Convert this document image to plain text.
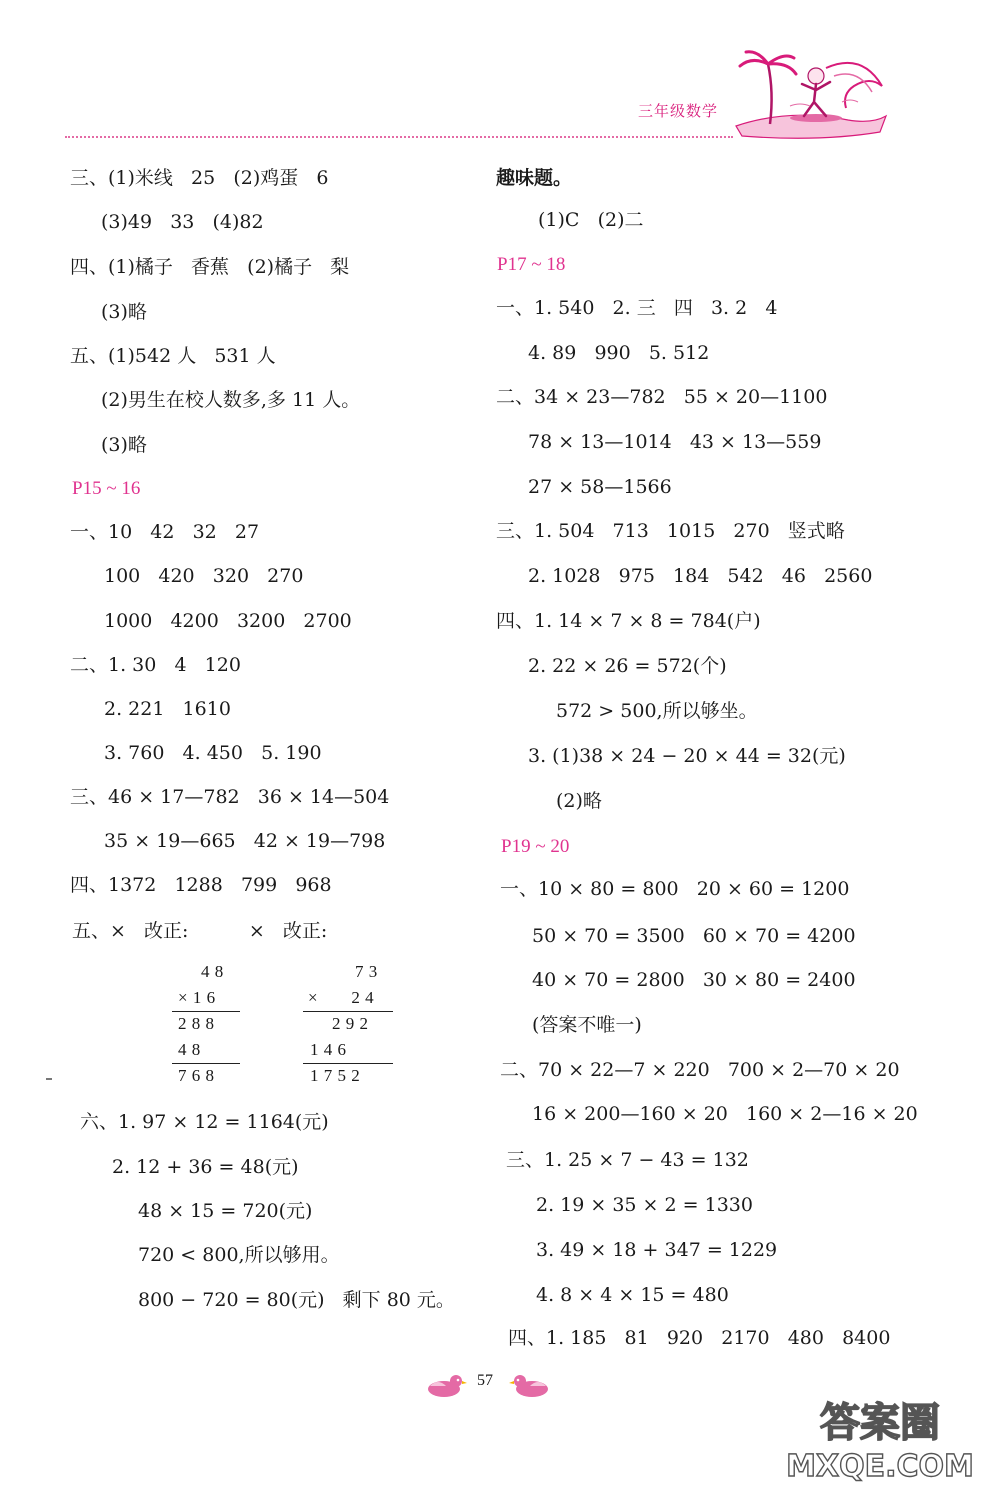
三年级数学
三、(1)米线   25   (2)鸡蛋   6
(3)49   33   (4)82
四、(1)橘子   香蕉   (2)橘子   梨
(3)略
五、(1)542 人   531 人
(2)男生在校人数多,多 11 人。
(3)略
P15 ~ 16
一、10   42   32   27
100   420   320   270
1000   4200   3200   2700
二、1. 30   4   120
2. 221   1610
3. 760   4. 450   5. 190
三、46 × 17—782   36 × 14—504
35 × 19—665   42 × 19—798
四、1372   1288   799   968
五、×   改正:          ×   改正:
4 8
× 1 6
2 8 8
4 8
7 6 8
7 3
×       2 4
2 9 2
1 4 6
1 7 5 2
六、1. 97 × 12 = 1164(元)
2. 12 + 36 = 48(元)
48 × 15 = 720(元)
720 < 800,所以够用。
800 − 720 = 80(元)   剩下 80 元。
趣味题。
(1)C   (2)二
P17 ~ 18
一、1. 540   2. 三   四   3. 2   4
4. 89   990   5. 512
二、34 × 23—782   55 × 20—1100
78 × 13—1014   43 × 13—559
27 × 58—1566
三、1. 504   713   1015   270   竖式略
2. 1028   975   184   542   46   2560
四、1. 14 × 7 × 8 = 784(户)
2. 22 × 26 = 572(个)
572 > 500,所以够坐。
3. (1)38 × 24 − 20 × 44 = 32(元)
(2)略
P19 ~ 20
一、10 × 80 = 800   20 × 60 = 1200
50 × 70 = 3500   60 × 70 = 4200
40 × 70 = 2800   30 × 80 = 2400
(答案不唯一)
二、70 × 22—7 × 220   700 × 2—70 × 20
16 × 200—160 × 20   160 × 2—16 × 20
三、1. 25 × 7 − 43 = 132
2. 19 × 35 × 2 = 1330
3. 49 × 18 + 347 = 1229
4. 8 × 4 × 15 = 480
四、1. 185   81   920   2170   480   8400
57
答案圈
MXQE.COM
